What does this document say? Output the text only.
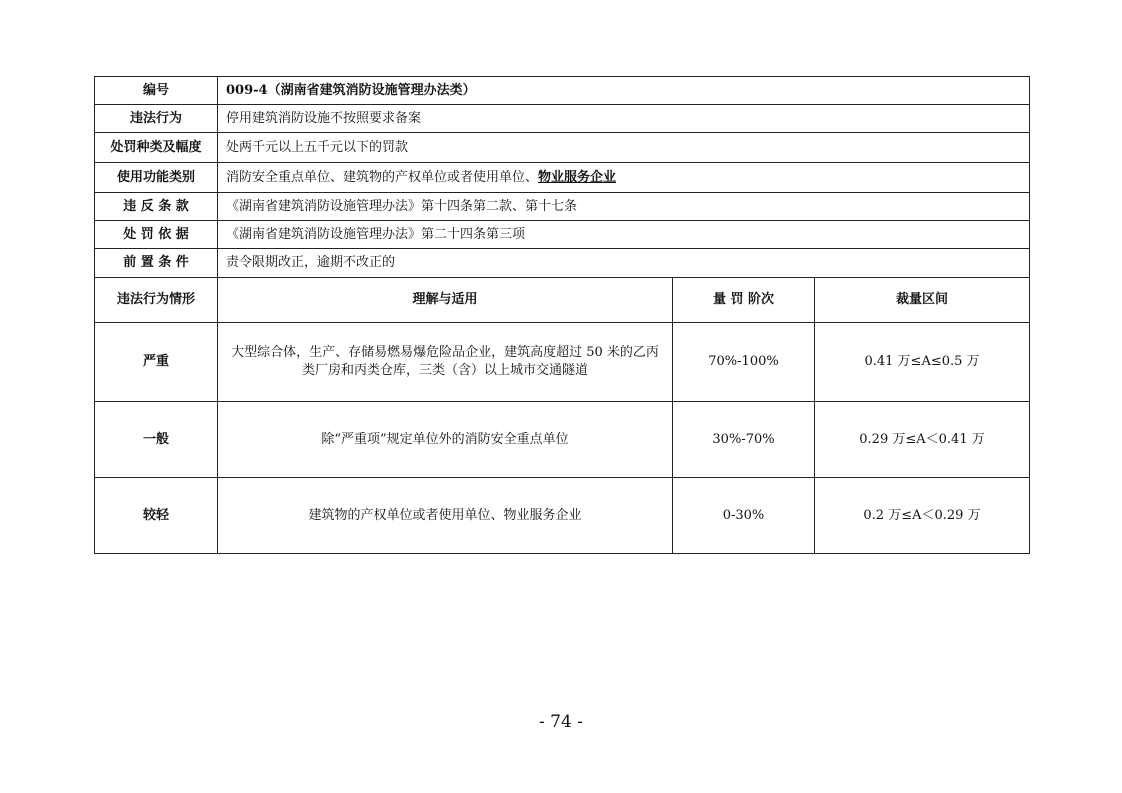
编号	009-4（湖南省建筑消防设施管理办法类）		
违法行为	停用建筑消防设施不按照要求备案		
处罚种类及幅度	处两千元以上五千元以下的罚款		
使用功能类别	消防安全重点单位、建筑物的产权单位或者使用单位、物业服务企业		
违 反 条 款	《湖南省建筑消防设施管理办法》第十四条第二款、第十七条		
处 罚 依 据	《湖南省建筑消防设施管理办法》第二十四条第三项		
前 置 条 件	责令限期改正，逾期不改正的		
违法行为情形	理解与适用	量 罚 阶次	裁量区间
严重	大型综合体，生产、存储易燃易爆危险品企业，建筑高度超过 50 米的乙丙类厂房和丙类仓库，三类（含）以上城市交通隧道	70%-100%	0.41 万≤A≤0.5 万
一般	除“严重项”规定单位外的消防安全重点单位	30%-70%	0.29 万≤A＜0.41 万
较轻	建筑物的产权单位或者使用单位、物业服务企业	0-30%	0.2 万≤A＜0.29 万
- 74 -
